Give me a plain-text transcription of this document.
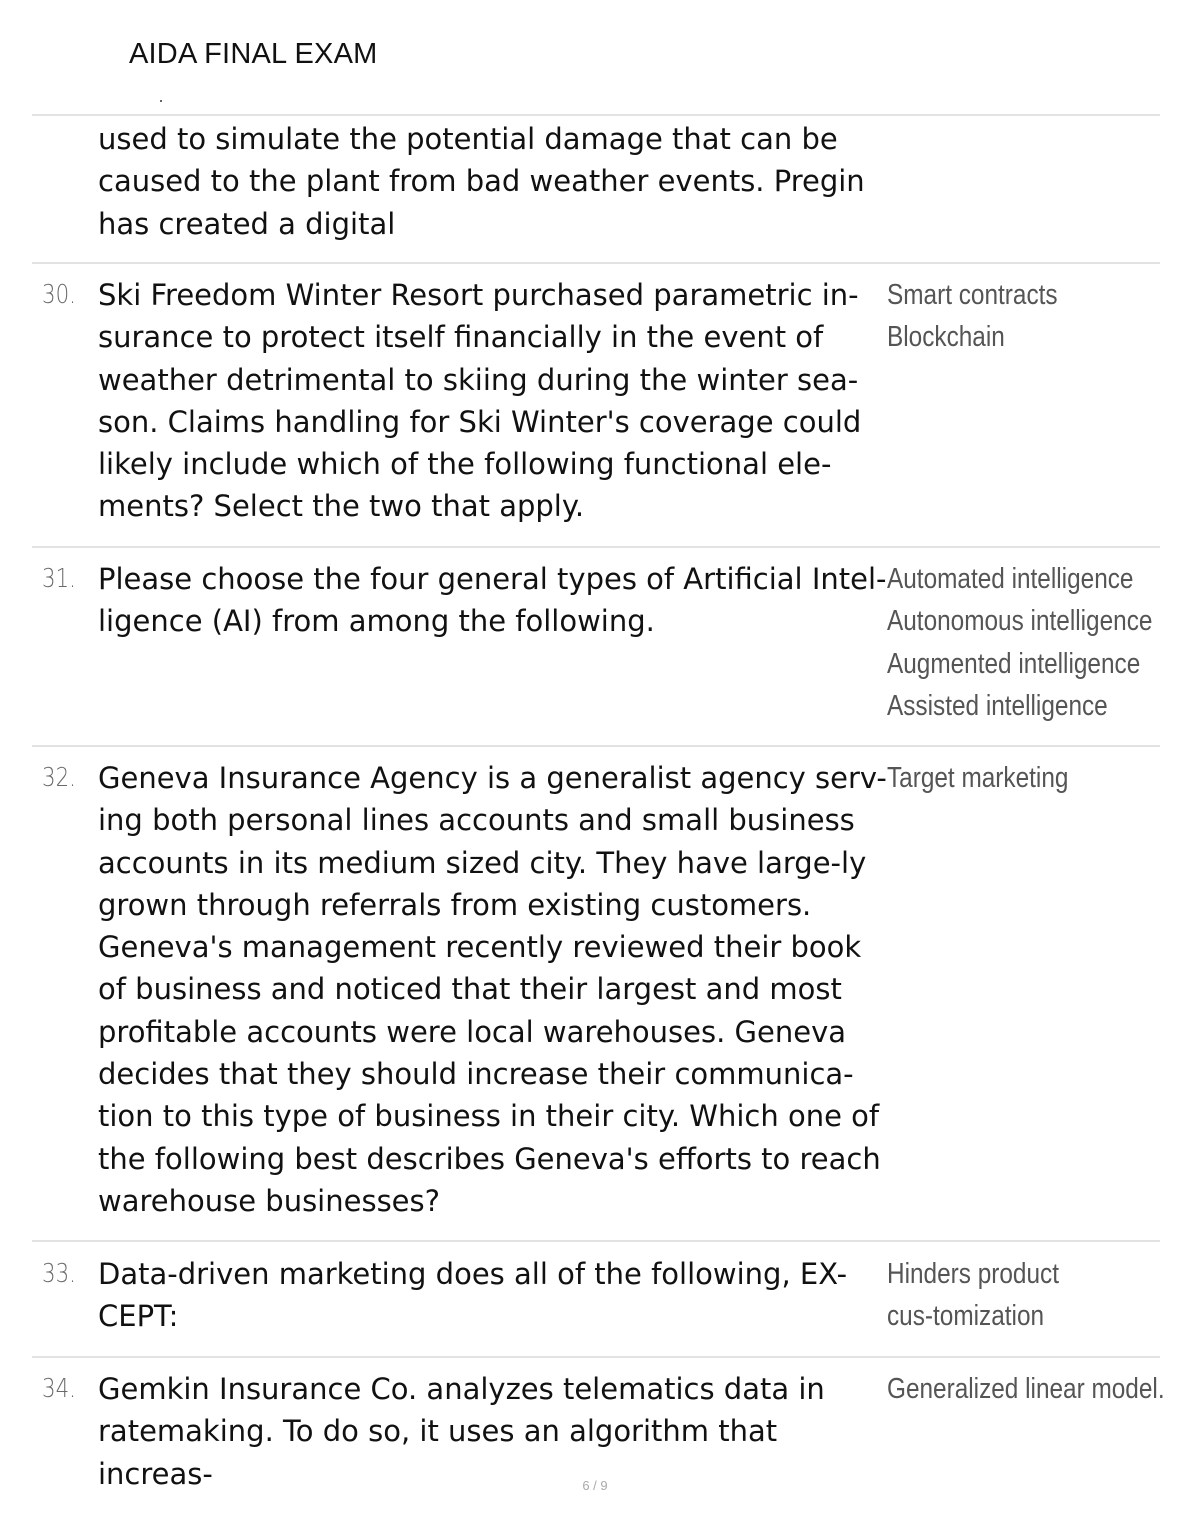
AIDA FINAL EXAM

used to simulate the potential damage that can be caused to the plant from bad weather events. Pregin has created a digital

30. Ski Freedom Winter Resort purchased parametric in-surance to protect itself financially in the event of weather detrimental to skiing during the winter sea-son. Claims handling for Ski Winter's coverage could likely include which of the following functional ele-ments? Select the two that apply.

Smart contracts
Blockchain
31. Please choose the four general types of Artificial Intel-ligence (AI) from among the following.

Automated intelligence
Autonomous intelligence
Augmented intelligence
Assisted intelligence
32. Geneva Insurance Agency is a generalist agency serv-ing both personal lines accounts and small business accounts in its medium sized city. They have large-ly grown through referrals from existing customers. Geneva's management recently reviewed their book of business and noticed that their largest and most profitable accounts were local warehouses. Geneva decides that they should increase their communica-tion to this type of business in their city. Which one of the following best describes Geneva's efforts to reach warehouse businesses?

Target marketing
33. Data-driven marketing does all of the following, EX-CEPT:

Hinders product cus-tomization
34. Gemkin Insurance Co. analyzes telematics data in ratemaking. To do so, it uses an algorithm that increas-

Generalized linear model.
6 / 9
